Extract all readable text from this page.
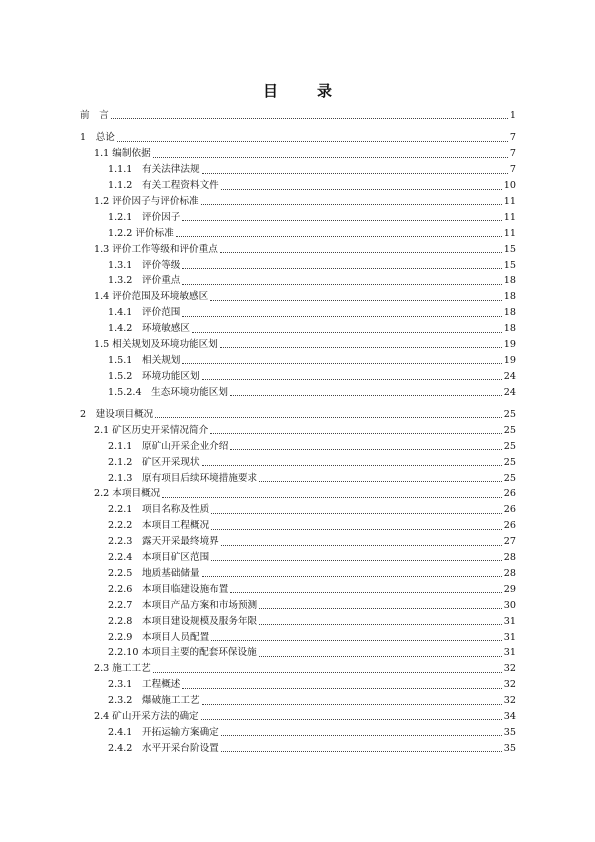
目　录
前　言	1
1　总论	7
1.1 编制依据	7
1.1.1　有关法律法规	7
1.1.2　有关工程资料文件	10
1.2 评价因子与评价标准	11
1.2.1　评价因子	11
1.2.2 评价标准	11
1.3 评价工作等级和评价重点	15
1.3.1　评价等级	15
1.3.2　评价重点	18
1.4 评价范围及环境敏感区	18
1.4.1　评价范围	18
1.4.2　环境敏感区	18
1.5 相关规划及环境功能区划	19
1.5.1　相关规划	19
1.5.2　环境功能区划	24
1.5.2.4　生态环境功能区划	24
2　建设项目概况	25
2.1 矿区历史开采情况简介	25
2.1.1　原矿山开采企业介绍	25
2.1.2　矿区开采现状	25
2.1.3　原有项目后续环境措施要求	25
2.2 本项目概况	26
2.2.1　项目名称及性质	26
2.2.2　本项目工程概况	26
2.2.3　露天开采最终境界	27
2.2.4　本项目矿区范围	28
2.2.5　地质基础储量	28
2.2.6　本项目临建设施布置	29
2.2.7　本项目产品方案和市场预测	30
2.2.8　本项目建设规模及服务年限	31
2.2.9　本项目人员配置	31
2.2.10 本项目主要的配套环保设施	31
2.3 施工工艺	32
2.3.1　工程概述	32
2.3.2　爆破施工工艺	32
2.4 矿山开采方法的确定	34
2.4.1　开拓运输方案确定	35
2.4.2　水平开采台阶设置	35
